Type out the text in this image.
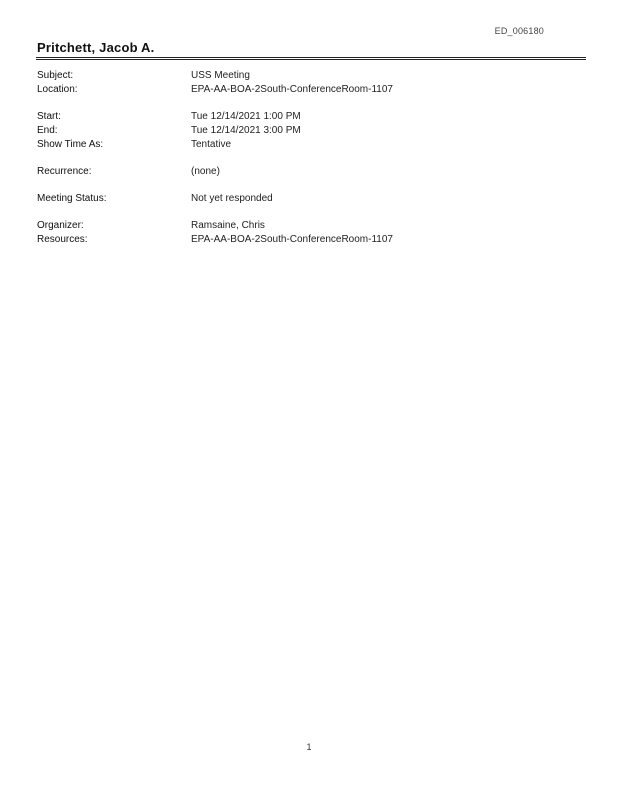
ED_006180
Pritchett, Jacob A.
Subject:	USS Meeting
Location:	EPA-AA-BOA-2South-ConferenceRoom-1107
Start:	Tue 12/14/2021 1:00 PM
End:	Tue 12/14/2021 3:00 PM
Show Time As:	Tentative
Recurrence:	(none)
Meeting Status:	Not yet responded
Organizer:	Ramsaine, Chris
Resources:	EPA-AA-BOA-2South-ConferenceRoom-1107
1
